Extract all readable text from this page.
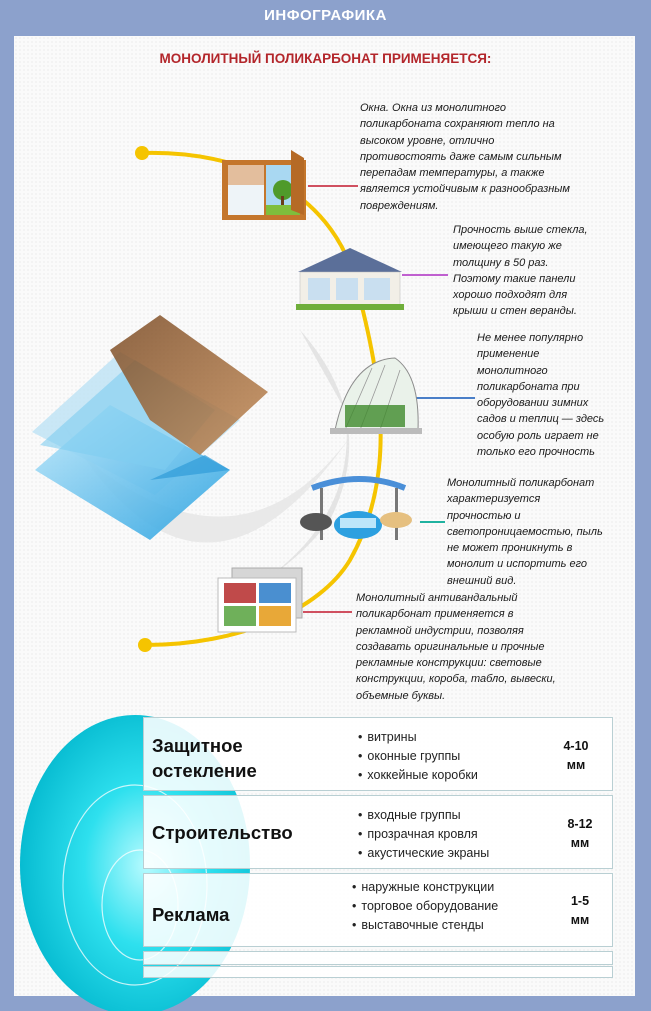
ИНФОГРАФИКА
МОНОЛИТНЫЙ ПОЛИКАРБОНАТ ПРИМЕНЯЕТСЯ:
Окна. Окна из монолитного
поликарбоната сохраняют тепло на
высоком уровне, отлично
противостоять даже самым сильным
перепадам температуры, а также
является устойчивым к разнообразным
повреждениям.
Прочность выше стекла,
имеющего такую же
толщину в 50 раз.
Поэтому такие панели
хорошо подходят для
крыши и стен веранды.
Не менее популярно
применение
монолитного
поликарбоната при
оборудовании зимних
садов и теплиц — здесь
особую роль играет не
только его прочность
Монолитный поликарбонат
характеризуется
прочностью и
светопроницаемостью, пыль
не может проникнуть в
монолит и испортить его
внешний вид.
Монолитный антивандальный
поликарбонат применяется в
рекламной индустрии, позволяя
создавать оригинальные и прочные
рекламные конструкции: световые
конструкции, короба, табло, вывески,
объемные буквы.
Защитное
остекление
• витрины
• оконные группы
• хоккейные коробки
4-10
мм
Строительство
• входные группы
• прозрачная кровля
• акустические экраны
8-12
мм
Реклама
• наружные конструкции
• торговое оборудование
• выставочные стенды
1-5
мм
